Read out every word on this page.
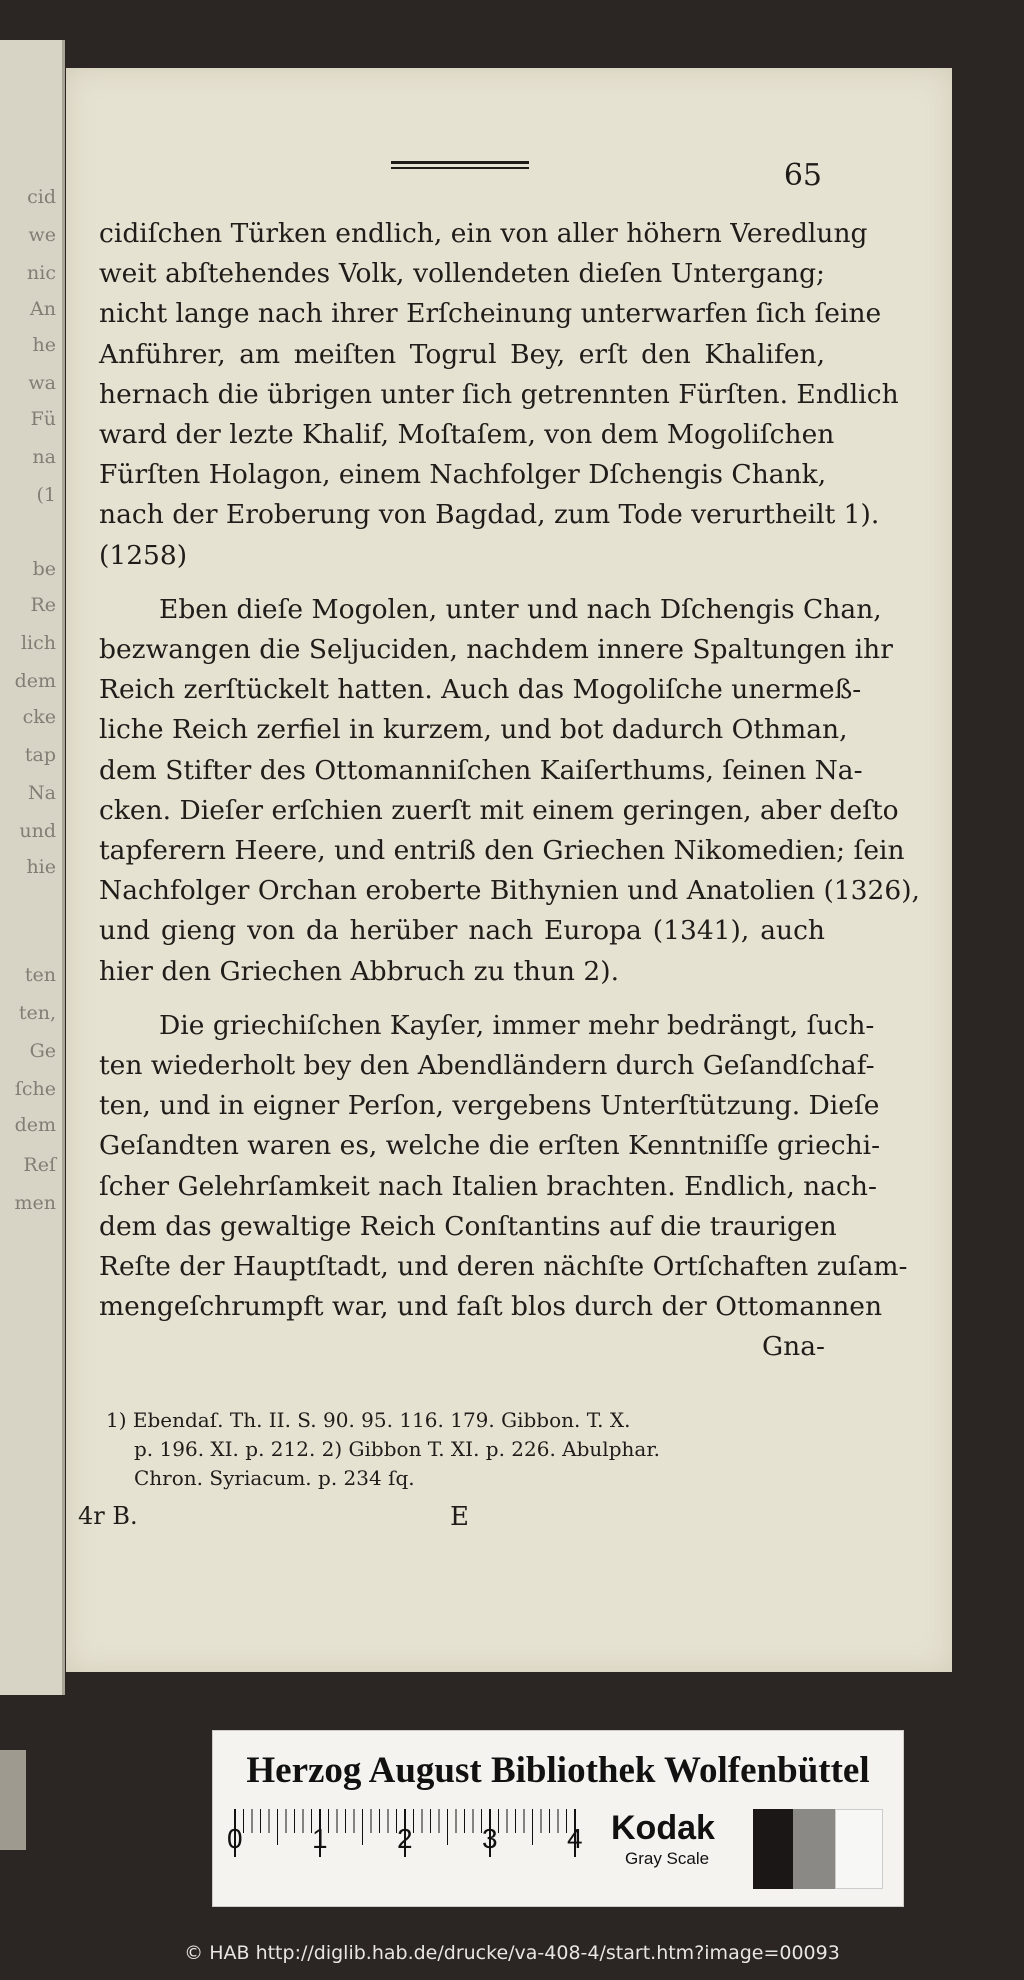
cid
we
nic
An
he
wa
Fü
na
(1
be
Re
lich
dem
cke
tap
Na
und
hie
ten
ten,
Ge
ſche
dem
Reſ
men
65
cidiſchen Türken endlich, ein von aller höhern Veredlung
weit abſtehendes Volk, vollendeten dieſen Untergang;
nicht lange nach ihrer Erſcheinung unterwarfen ſich ſeine
Anführer, am meiſten Togrul Bey, erſt den Khalifen,
hernach die übrigen unter ſich getrennten Fürſten. Endlich
ward der lezte Khalif, Moſtaſem, von dem Mogoliſchen
Fürſten Holagon, einem Nachfolger Dſchengis Chank,
nach der Eroberung von Bagdad, zum Tode verurtheilt 1).
(1258)
Eben dieſe Mogolen, unter und nach Dſchengis Chan,
bezwangen die Seljuciden, nachdem innere Spaltungen ihr
Reich zerſtückelt hatten. Auch das Mogoliſche unermeß-
liche Reich zerfiel in kurzem, und bot dadurch Othman,
dem Stifter des Ottomanniſchen Kaiſerthums, ſeinen Na-
cken. Dieſer erſchien zuerſt mit einem geringen, aber deſto
tapferern Heere, und entriß den Griechen Nikomedien; ſein
Nachfolger Orchan eroberte Bithynien und Anatolien (1326),
und gieng von da herüber nach Europa (1341), auch
hier den Griechen Abbruch zu thun 2).
Die griechiſchen Kayſer, immer mehr bedrängt, ſuch-
ten wiederholt bey den Abendländern durch Geſandſchaf-
ten, und in eigner Perſon, vergebens Unterſtützung. Dieſe
Geſandten waren es, welche die erſten Kenntniſſe griechi-
ſcher Gelehrſamkeit nach Italien brachten. Endlich, nach-
dem das gewaltige Reich Conſtantins auf die traurigen
Reſte der Hauptſtadt, und deren nächſte Ortſchaften zuſam-
mengeſchrumpft war, und faſt blos durch der Ottomannen
Gna-
1) Ebendaſ. Th. II. S. 90. 95. 116. 179. Gibbon. T. X.
p. 196. XI. p. 212. 2) Gibbon T. XI. p. 226. Abulphar.
Chron. Syriacum. p. 234 ſq.
4r B.	E
Herzog August Bibliothek Wolfenbüttel
0 1 2 3 4 Kodak
Gray Scale
© HAB http://diglib.hab.de/drucke/va-408-4/start.htm?image=00093
